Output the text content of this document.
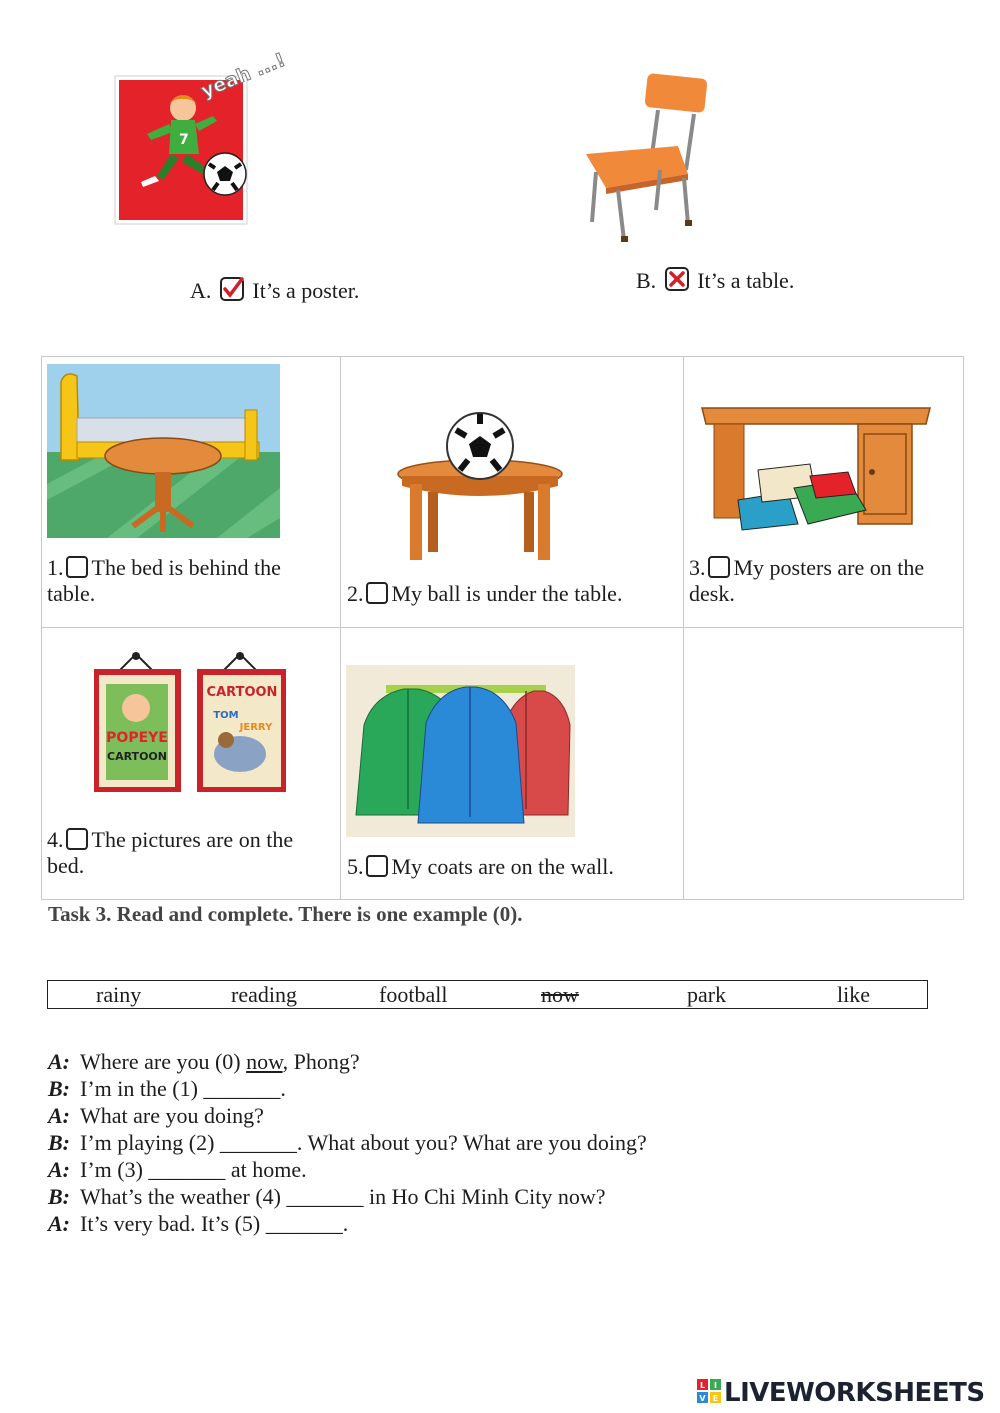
7
yeah ...!
A. It’s a poster.	B. It’s a table.
1. The bed is behind the
table.	2. My ball is under the table.
3. My posters are on the
desk.
POPEYE
CARTOON
CARTOON
TOM
JERRY
4. The pictures are on the
bed.	5. My coats are on the wall.
Task 3. Read and complete. There is one example (0).
rainy	reading	football	now	park	like
A: Where are you (0) now, Phong?
B: I’m in the (1) _______.
A: What are you doing?
B: I’m playing (2) _______. What about you? What are you doing?
A: I’m (3) _______ at home.
B: What’s the weather (4) _______ in Ho Chi Minh City now?
A: It’s very bad. It’s (5) _______.
L I
V E LIVEWORKSHEETS
